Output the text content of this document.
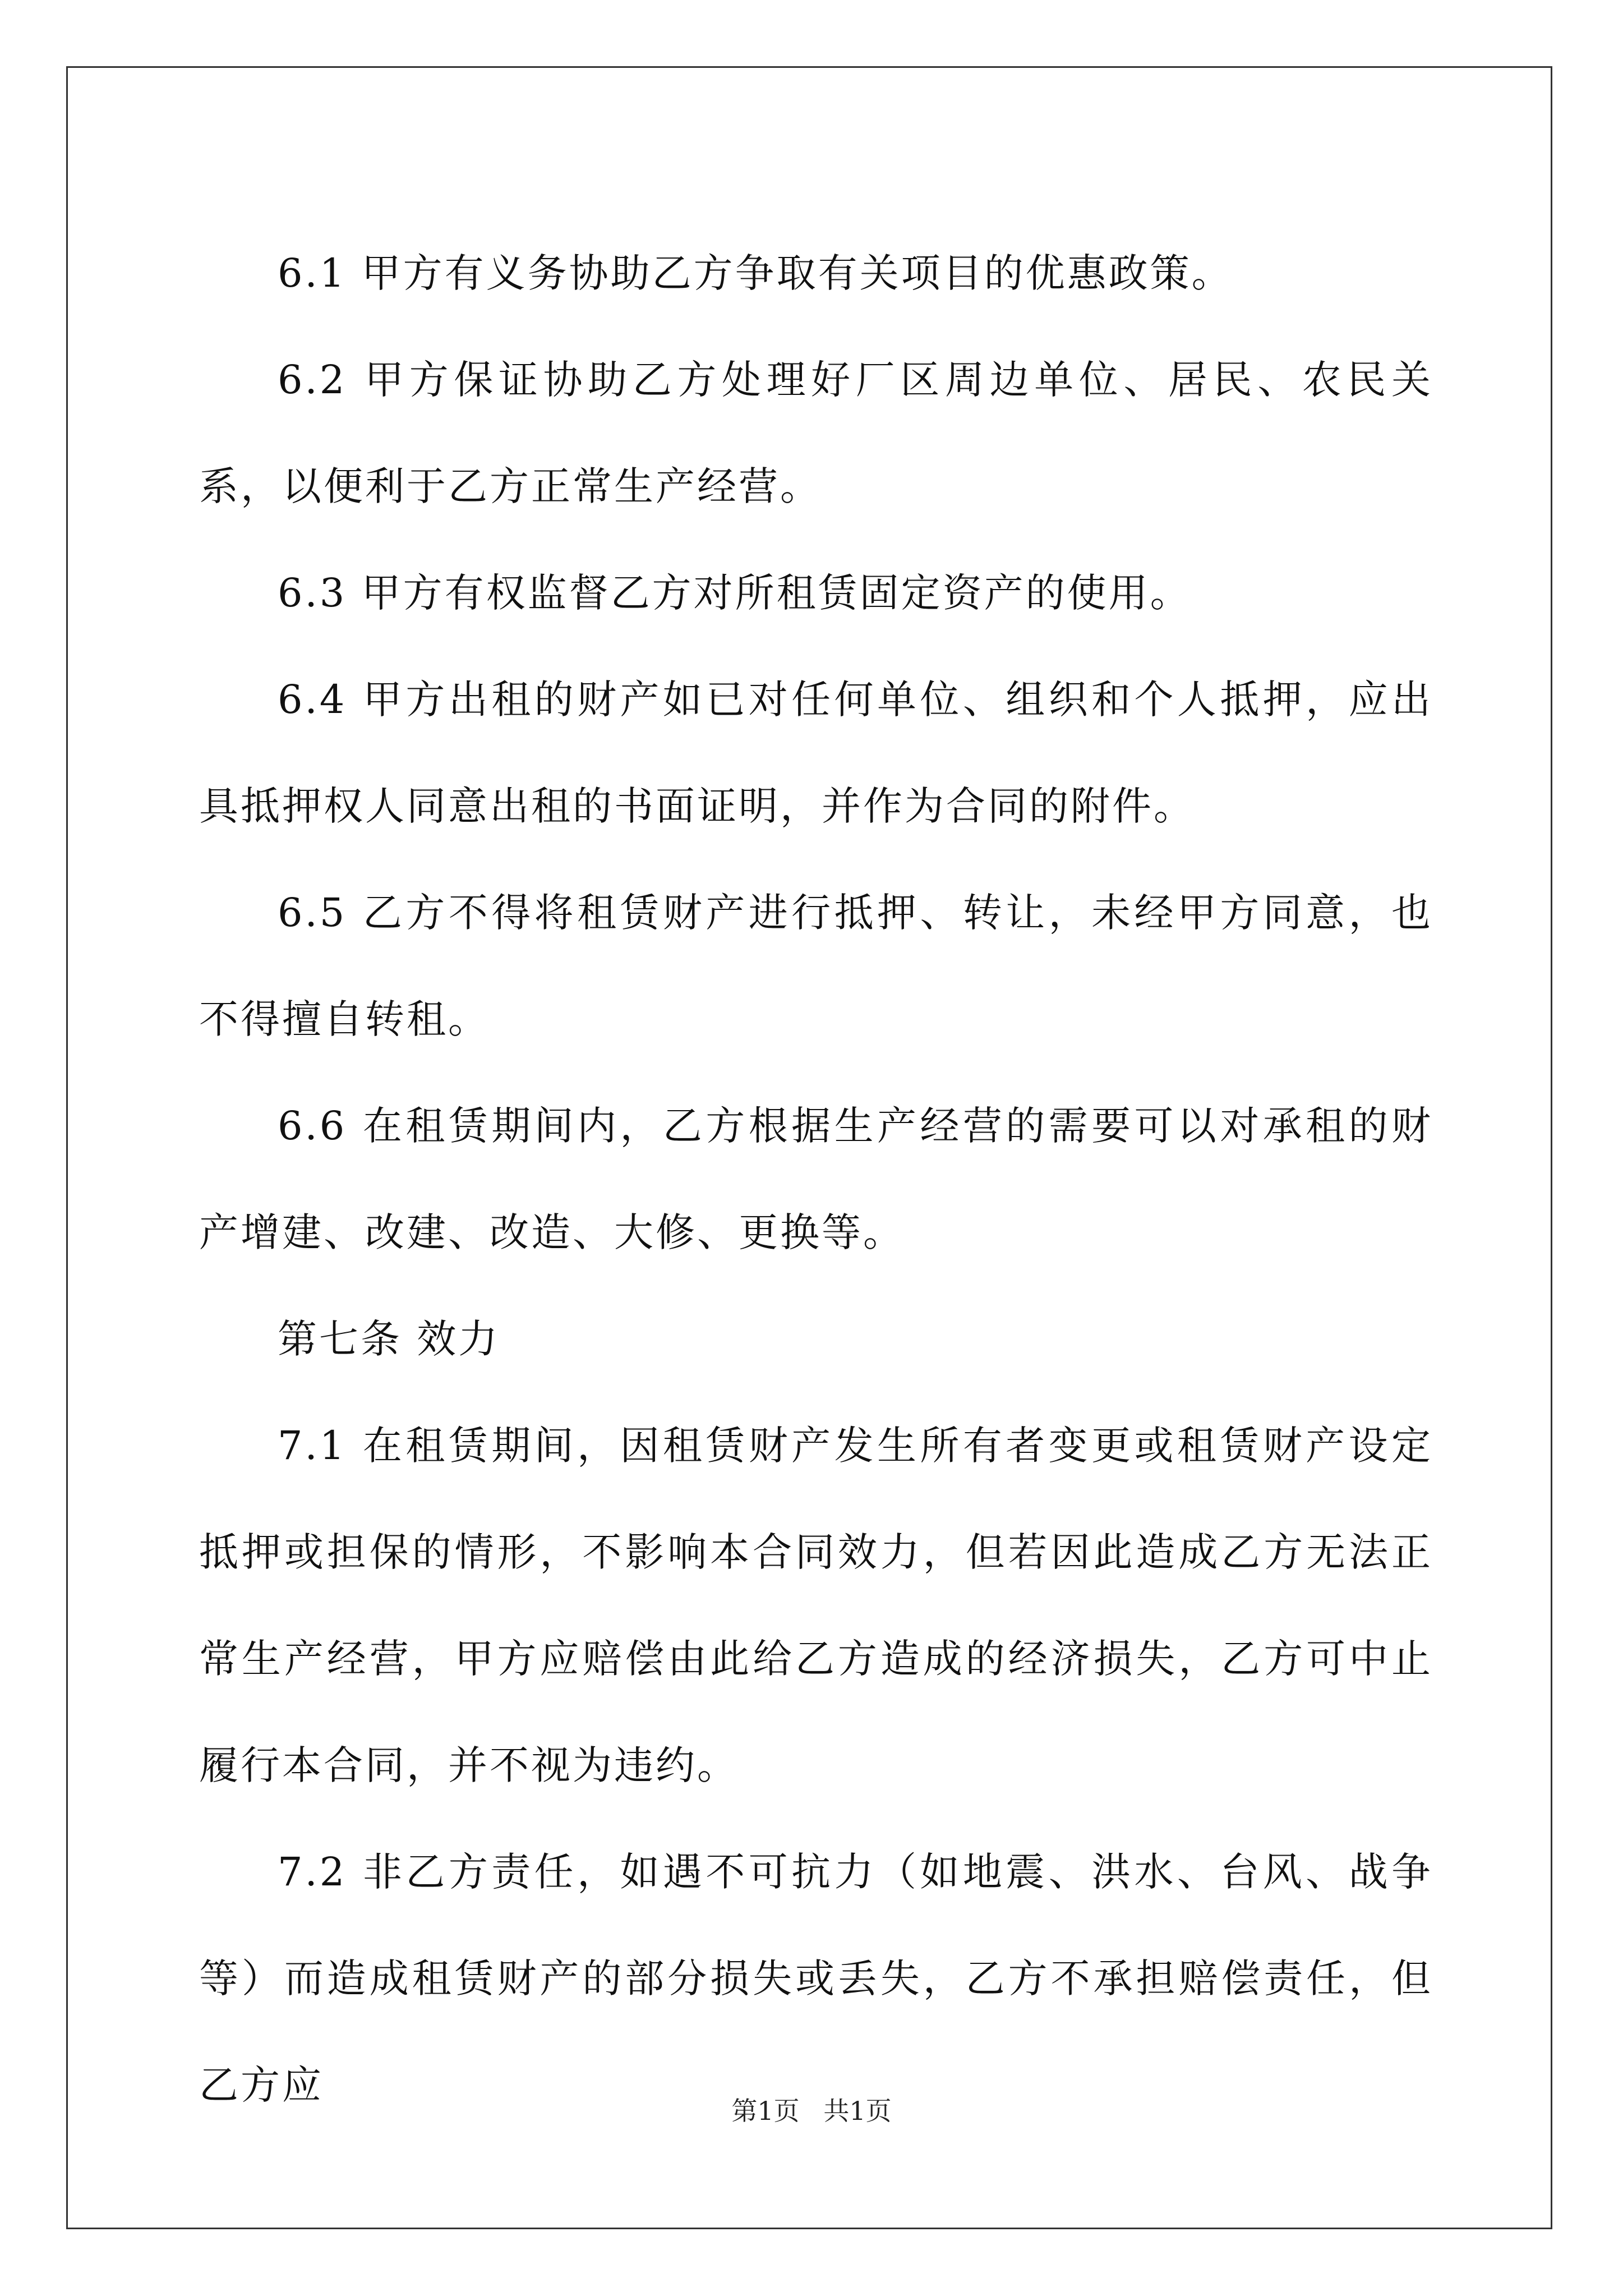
6.1 甲方有义务协助乙方争取有关项目的优惠政策。

6.2 甲方保证协助乙方处理好厂区周边单位、居民、农民关系，以便利于乙方正常生产经营。

6.3 甲方有权监督乙方对所租赁固定资产的使用。

6.4 甲方出租的财产如已对任何单位、组织和个人抵押，应出具抵押权人同意出租的书面证明，并作为合同的附件。

6.5 乙方不得将租赁财产进行抵押、转让，未经甲方同意，也不得擅自转租。

6.6 在租赁期间内，乙方根据生产经营的需要可以对承租的财产增建、改建、改造、大修、更换等。

第七条 效力

7.1 在租赁期间，因租赁财产发生所有者变更或租赁财产设定抵押或担保的情形，不影响本合同效力，但若因此造成乙方无法正常生产经营，甲方应赔偿由此给乙方造成的经济损失，乙方可中止履行本合同，并不视为违约。

7.2 非乙方责任，如遇不可抗力（如地震、洪水、台风、战争等）而造成租赁财产的部分损失或丢失，乙方不承担赔偿责任，但乙方应

第1页 共1页
